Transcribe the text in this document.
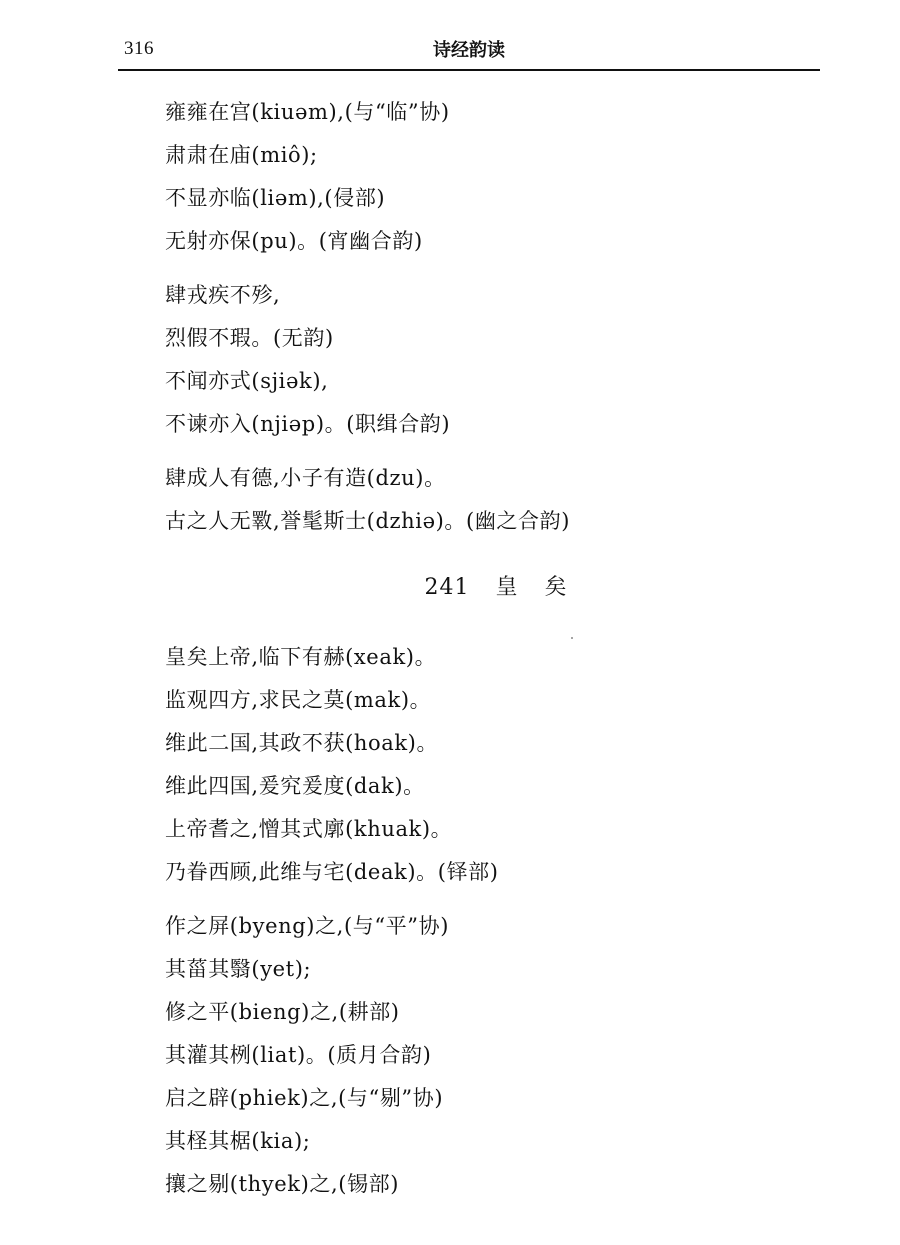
316	诗经韵读
雍雍在宫(kiuəm),(与“临”协)
肃肃在庙(miô);
不显亦临(liəm),(侵部)
无射亦保(pu)。(宵幽合韵)
肆戎疾不殄,
烈假不瑕。(无韵)
不闻亦式(sjiək),
不谏亦入(njiəp)。(职缉合韵)
肆成人有德,小子有造(dzu)。
古之人无斁,誉髦斯士(dzhiə)。(幽之合韵)
241 皇 矣
皇矣上帝,临下有赫(xeak)。
监观四方,求民之莫(mak)。
维此二国,其政不获(hoak)。
维此四国,爰究爰度(dak)。
上帝耆之,憎其式廓(khuak)。
乃眷西顾,此维与宅(deak)。(铎部)
作之屏(byeng)之,(与“平”协)
其菑其翳(yet);
修之平(bieng)之,(耕部)
其灌其栵(liat)。(质月合韵)
启之辟(phiek)之,(与“剔”协)
其柽其椐(kia);
攘之剔(thyek)之,(锡部)
